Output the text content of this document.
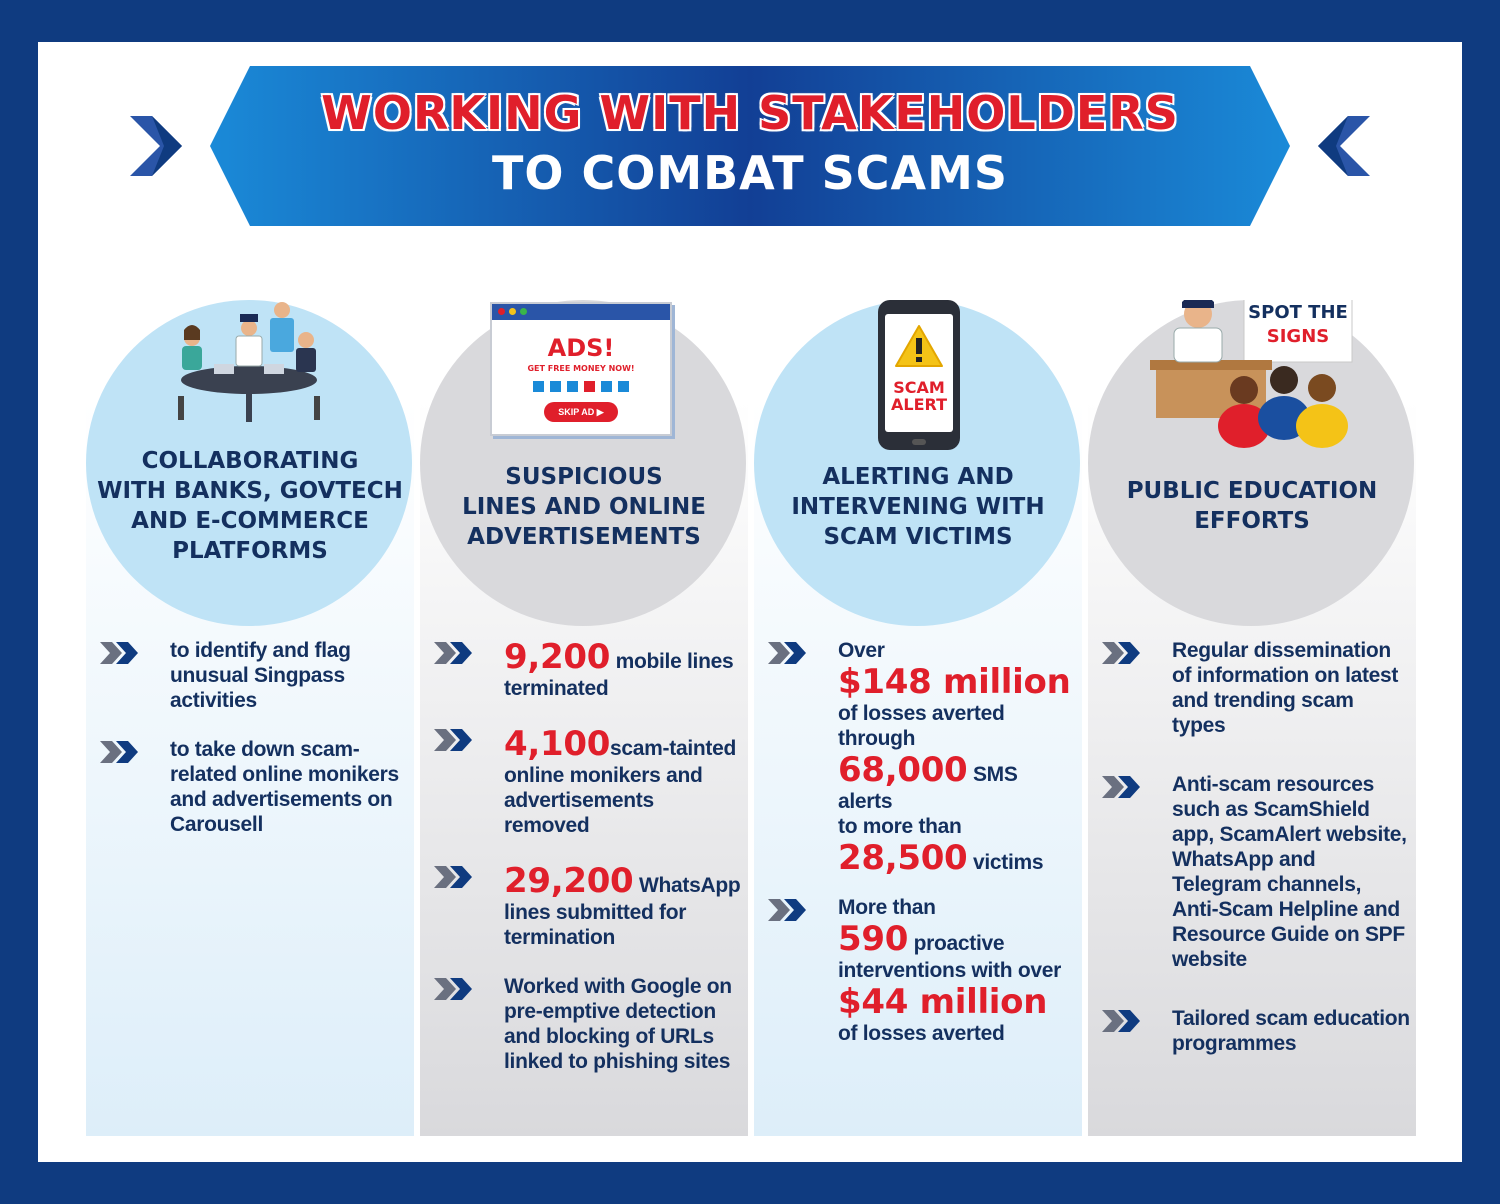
WORKING WITH STAKEHOLDERS
TO COMBAT SCAMS
COLLABORATING
WITH BANKS, GOVTECH
AND E-COMMERCE
PLATFORMS
to identify and flag unusual Singpass activities
to take down scam-related online monikers and advertisements on Carousell
ADS!
GET FREE MONEY NOW!
SKIP AD ▶
SUSPICIOUS
LINES AND ONLINE
ADVERTISEMENTS
9,200 mobile lines terminated
4,100scam-tainted online monikers and advertisements removed
29,200 WhatsApp lines submitted for termination
Worked with Google on pre-emptive detection and blocking of URLs linked to phishing sites
SCAM
ALERT
ALERTING AND
INTERVENING WITH
SCAM VICTIMS
Over
$148 million
of losses averted through
68,000 SMS alerts
to more than
28,500 victims
More than
590 proactive
interventions with over
$44 million
of losses averted
SPOT THE
SIGNS
PUBLIC EDUCATION
EFFORTS
Regular dissemination of information on latest and trending scam types
Anti-scam resources such as ScamShield app, ScamAlert website, WhatsApp and Telegram channels, Anti-Scam Helpline and Resource Guide on SPF website
Tailored scam education programmes
